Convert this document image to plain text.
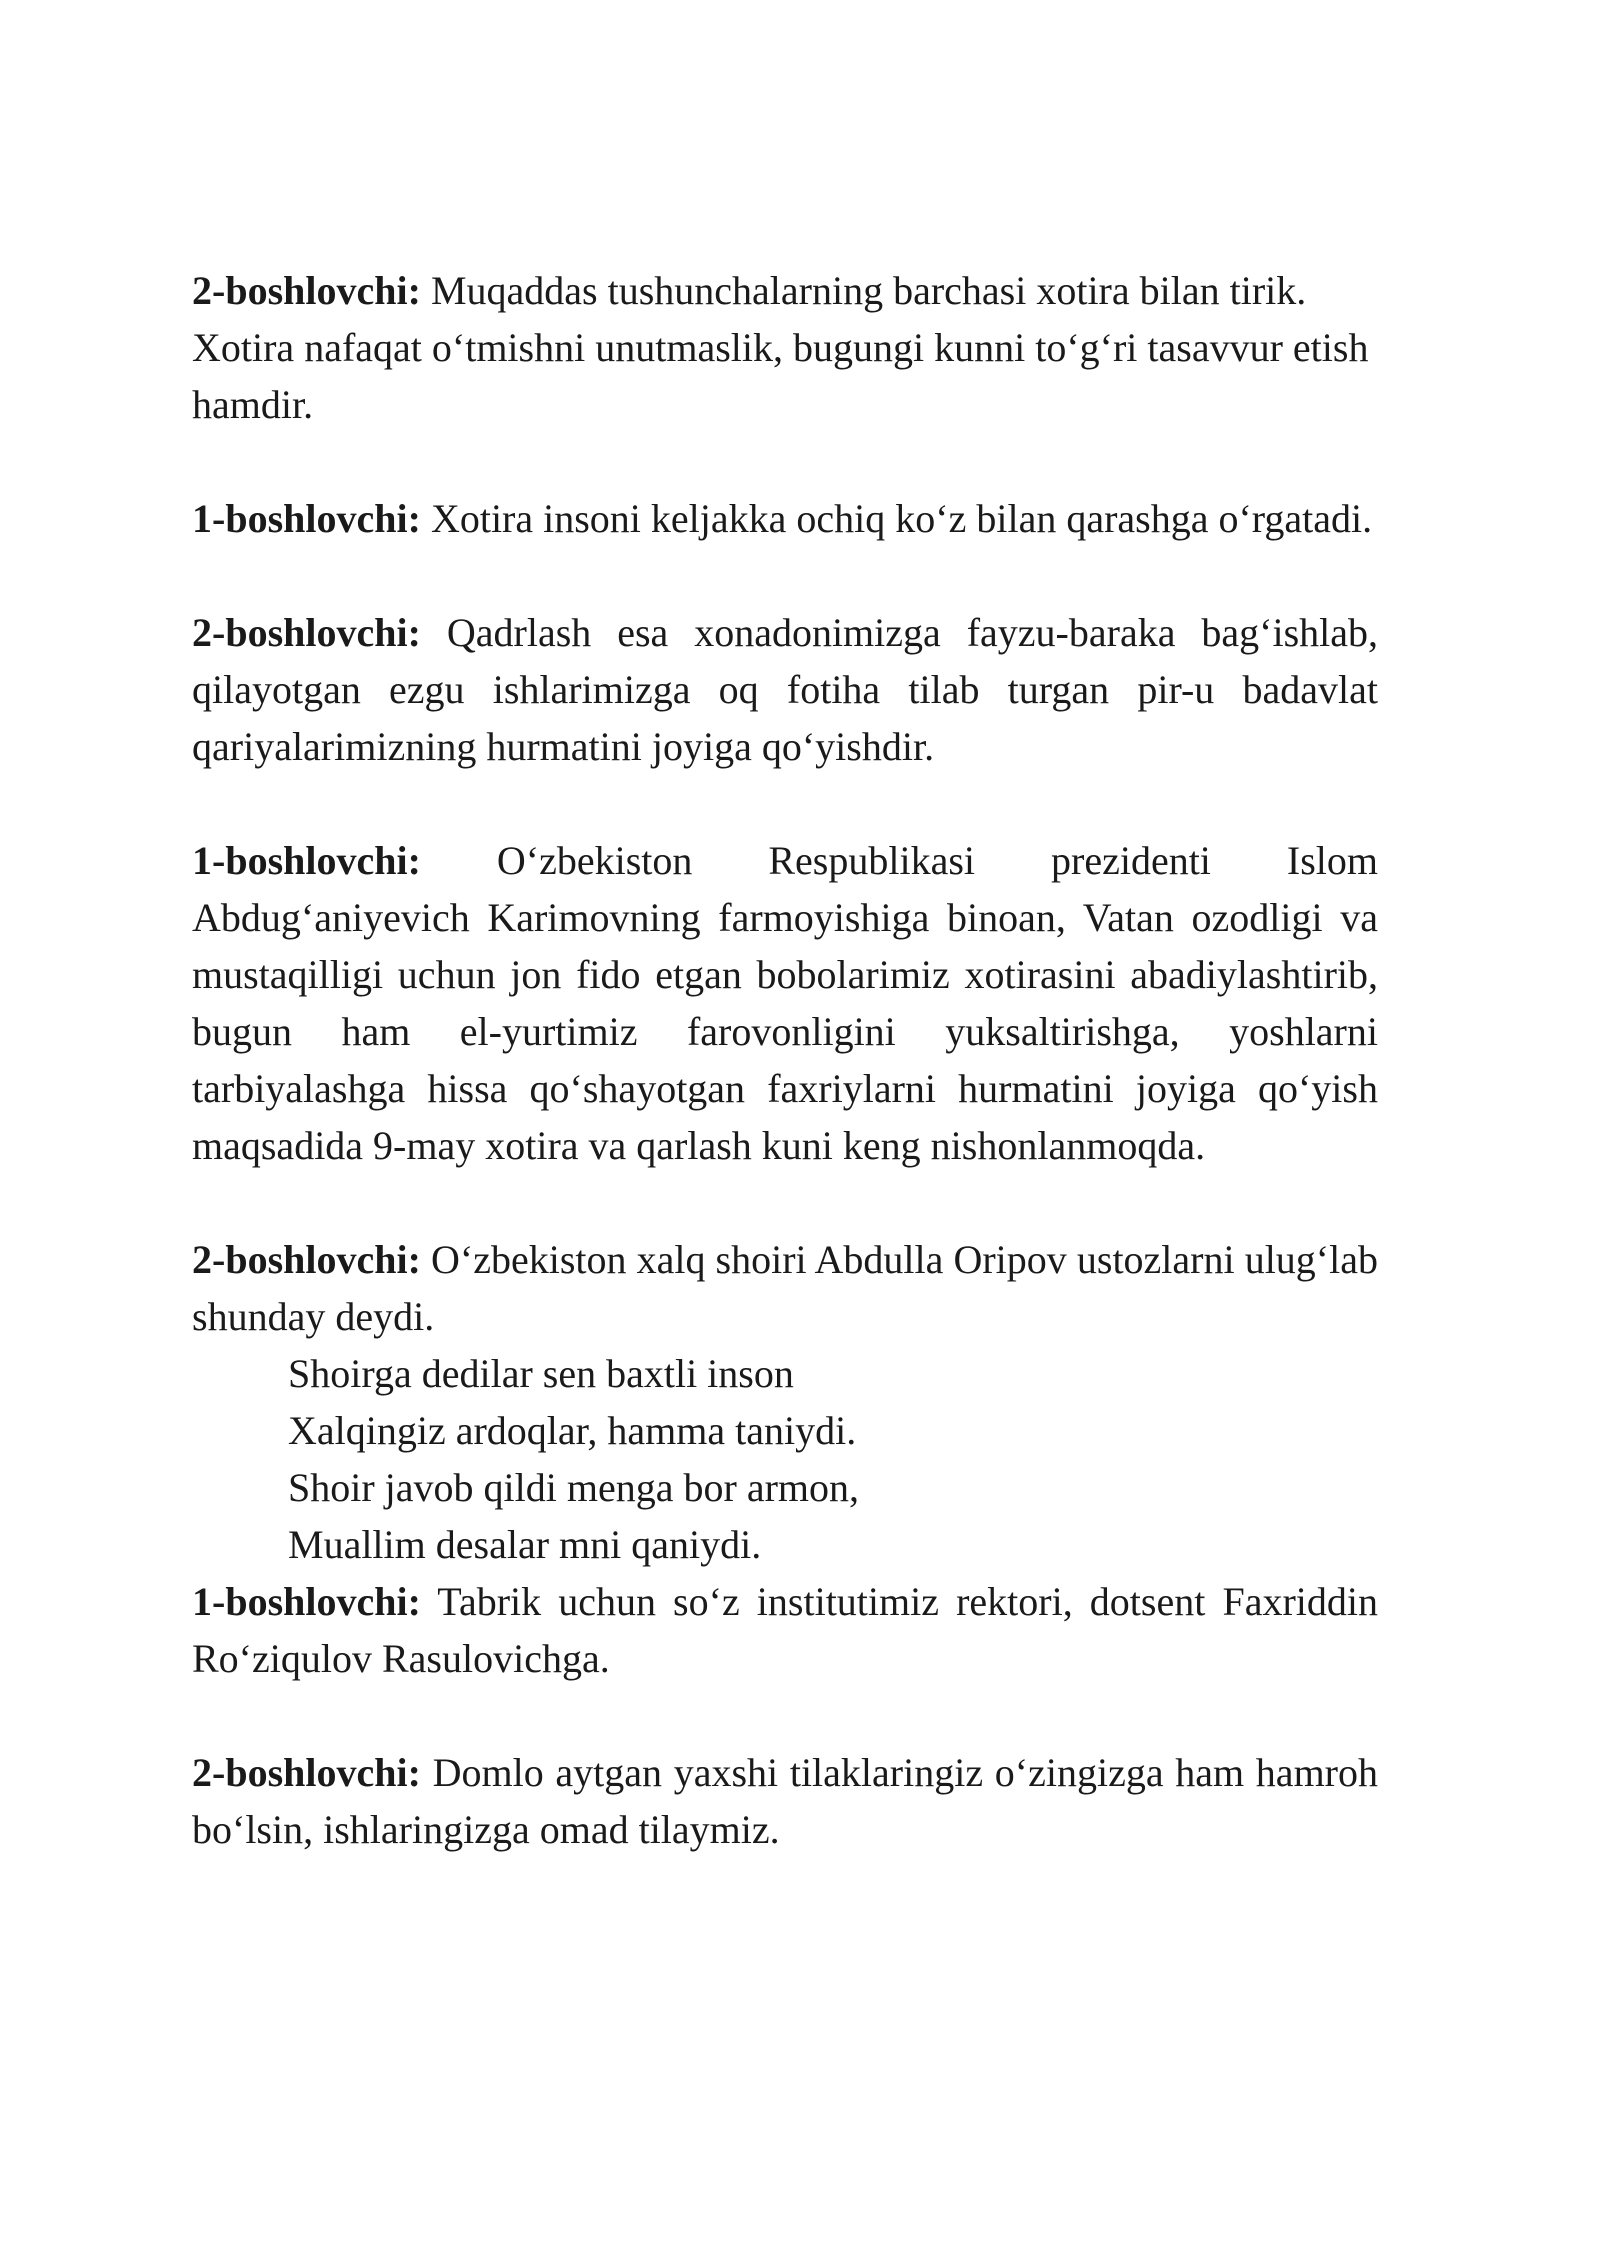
2-boshlovchi: Muqaddas tushunchalarning barchasi xotira bilan tirik. Xotira nafaqat o‘tmishni unutmaslik, bugungi kunni to‘g‘ri tasavvur etish hamdir.

1-boshlovchi: Xotira insoni keljakka ochiq ko‘z bilan qarashga o‘rgatadi.

2-boshlovchi: Qadrlash esa xonadonimizga fayzu-baraka bag‘ishlab, qilayotgan ezgu ishlarimizga oq fotiha tilab turgan pir-u badavlat qariyalarimizning hurmatini joyiga qo‘yishdir.

1-boshlovchi: O‘zbekiston Respublikasi prezidenti Islom Abdug‘aniyevich Karimovning farmoyishiga binoan, Vatan ozodligi va mustaqilligi uchun jon fido etgan bobolarimiz xotirasini abadiylashtirib, bugun ham el-yurtimiz farovonligini yuksaltirishga, yoshlarni tarbiyalashga hissa qo‘shayotgan faxriylarni hurmatini joyiga qo‘yish maqsadida 9-may xotira va qarlash kuni keng nishonlanmoqda.

2-boshlovchi: O‘zbekiston xalq shoiri Abdulla Oripov ustozlarni ulug‘lab shunday deydi.

Shoirga dedilar sen baxtli inson
Xalqingiz ardoqlar, hamma taniydi.
Shoir javob qildi menga bor armon,
Muallim desalar mni qaniydi.

1-boshlovchi: Tabrik uchun so‘z institutimiz rektori, dotsent Faxriddin Ro‘ziqulov Rasulovichga.

2-boshlovchi: Domlo aytgan yaxshi tilaklaringiz o‘zingizga ham hamroh bo‘lsin, ishlaringizga omad tilaymiz.
